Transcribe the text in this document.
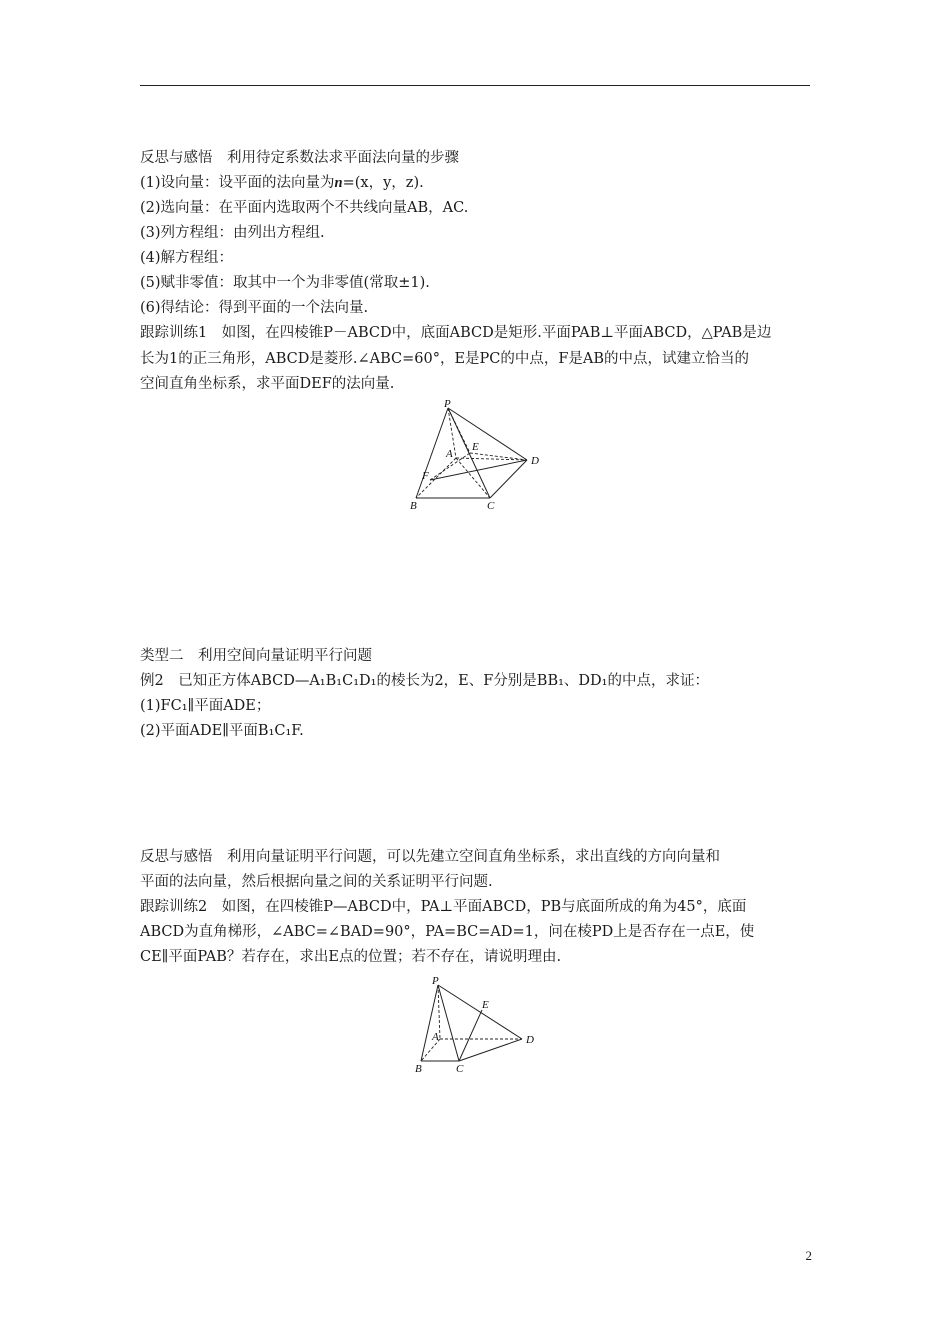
反思与感悟　利用待定系数法求平面法向量的步骤
(1)设向量：设平面的法向量为n=(x，y，z).
(2)选向量：在平面内选取两个不共线向量AB，AC.
(3)列方程组：由列出方程组.
(4)解方程组：
(5)赋非零值：取其中一个为非零值(常取±1).
(6)得结论：得到平面的一个法向量.
跟踪训练1　如图，在四棱锥P－ABCD中，底面ABCD是矩形.平面PAB⊥平面ABCD，△PAB是边
长为1的正三角形，ABCD是菱形.∠ABC=60°，E是PC的中点，F是AB的中点，试建立恰当的
空间直角坐标系，求平面DEF的法向量.
P
A
E
D
F
B	C
类型二　利用空间向量证明平行问题
例2　已知正方体ABCD—A₁B₁C₁D₁的棱长为2，E、F分别是BB₁、DD₁的中点，求证：
(1)FC₁∥平面ADE；
(2)平面ADE∥平面B₁C₁F.
反思与感悟　利用向量证明平行问题，可以先建立空间直角坐标系，求出直线的方向向量和
平面的法向量，然后根据向量之间的关系证明平行问题.
跟踪训练2　如图，在四棱锥P—ABCD中，PA⊥平面ABCD，PB与底面所成的角为45°，底面
ABCD为直角梯形，∠ABC=∠BAD=90°，PA=BC=AD=1，问在棱PD上是否存在一点E，使
CE∥平面PAB？若存在，求出E点的位置；若不存在，请说明理由.
P
E
A	D
B	C
2
